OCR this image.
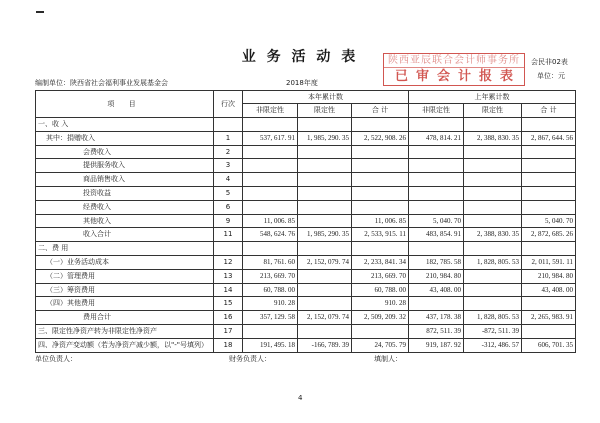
业 务 活 动 表	陕西亚辰联合会计师事务所
已审会计报表
会民非02表
单位：元
编制单位：陕西省社会福利事业发展基金会	2018年度
项 目	行次	本年累计数			上年累计数		
		非限定性	限定性	合 计	非限定性	限定性	合 计
一、收 入							
其中：捐赠收入	1	537, 617. 91	1, 985, 290. 35	2, 522, 908. 26	478, 814. 21	2, 388, 830. 35	2, 867, 644. 56
会费收入	2						
提供服务收入	3						
商品销售收入	4						
投资收益	5						
经费收入	6						
其他收入	9	11, 006. 85		11, 006. 85	5, 040. 70		5, 040. 70
收入合计	11	548, 624. 76	1, 985, 290. 35	2, 533, 915. 11	483, 854. 91	2, 388, 830. 35	2, 872, 685. 26
二、费 用							
（一）业务活动成本	12	81, 761. 60	2, 152, 079. 74	2, 233, 841. 34	182, 785. 58	1, 828, 805. 53	2, 011, 591. 11
（二）管理费用	13	213, 669. 70		213, 669. 70	210, 984. 80		210, 984. 80
（三）筹资费用	14	60, 788. 00		60, 788. 00	43, 408. 00		43, 408. 00
（四）其他费用	15	910. 28		910. 28			
费用合计	16	357, 129. 58	2, 152, 079. 74	2, 509, 209. 32	437, 178. 38	1, 828, 805. 53	2, 265, 983. 91
三、限定性净资产转为非限定性净资产	17				872, 511. 39	-872, 511. 39	
四、净资产变动额（若为净资产减少额，以"-"号填列）	18	191, 495. 18	-166, 789. 39	24, 705. 79	919, 187. 92	-312, 486. 57	606, 701. 35
单位负责人：	财务负责人：	填制人：
4
